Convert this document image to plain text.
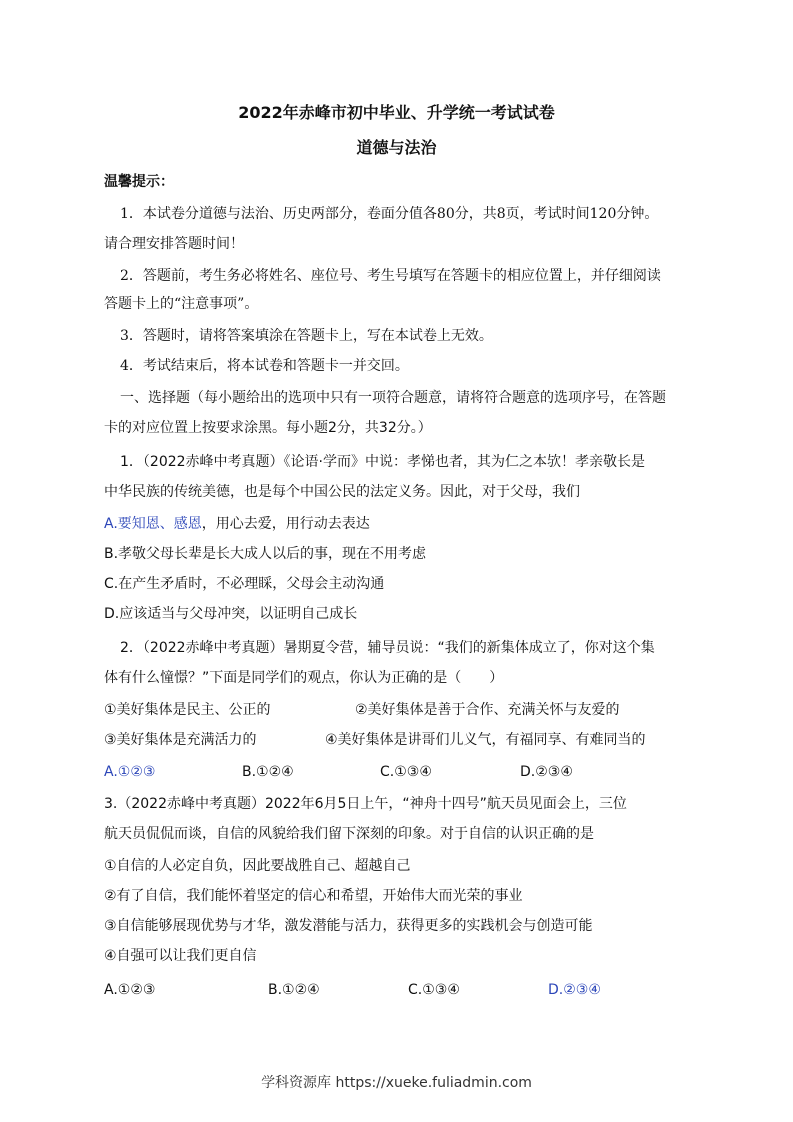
2022年赤峰市初中毕业、升学统一考试试卷
道德与法治
温馨提示：
1．本试卷分道德与法治、历史两部分，卷面分值各80分，共8页，考试时间120分钟。
请合理安排答题时间！
2．答题前，考生务必将姓名、座位号、考生号填写在答题卡的相应位置上，并仔细阅读
答题卡上的“注意事项”。
3．答题时，请将答案填涂在答题卡上，写在本试卷上无效。
4．考试结束后，将本试卷和答题卡一并交回。
一、选择题（每小题给出的选项中只有一项符合题意，请将符合题意的选项序号，在答题
卡的对应位置上按要求涂黑。每小题2分，共32分。）
1．（2022赤峰中考真题）《论语·学而》中说：孝悌也者，其为仁之本欤！孝亲敬长是
中华民族的传统美德，也是每个中国公民的法定义务。因此，对于父母，我们
A.要知恩、感恩，用心去爱，用行动去表达
B.孝敬父母长辈是长大成人以后的事，现在不用考虑
C.在产生矛盾时，不必理睬，父母会主动沟通
D.应该适当与父母冲突，以证明自己成长
2．（2022赤峰中考真题）暑期夏令营，辅导员说：“我们的新集体成立了，你对这个集
体有什么憧憬？”下面是同学们的观点，你认为正确的是（　　）
①美好集体是民主、公正的	②美好集体是善于合作、充满关怀与友爱的
③美好集体是充满活力的	④美好集体是讲哥们儿义气，有福同享、有难同当的
A.①②③	B.①②④	C.①③④	D.②③④
3.（2022赤峰中考真题）2022年6月5日上午，“神舟十四号”航天员见面会上，三位
航天员侃侃而谈，自信的风貌给我们留下深刻的印象。对于自信的认识正确的是
①自信的人必定自负，因此要战胜自己、超越自己
②有了自信，我们能怀着坚定的信心和希望，开始伟大而光荣的事业
③自信能够展现优势与才华，激发潜能与活力，获得更多的实践机会与创造可能
④自强可以让我们更自信
A.①②③	B.①②④	C.①③④	D.②③④
学科资源库 https://xueke.fuliadmin.com
